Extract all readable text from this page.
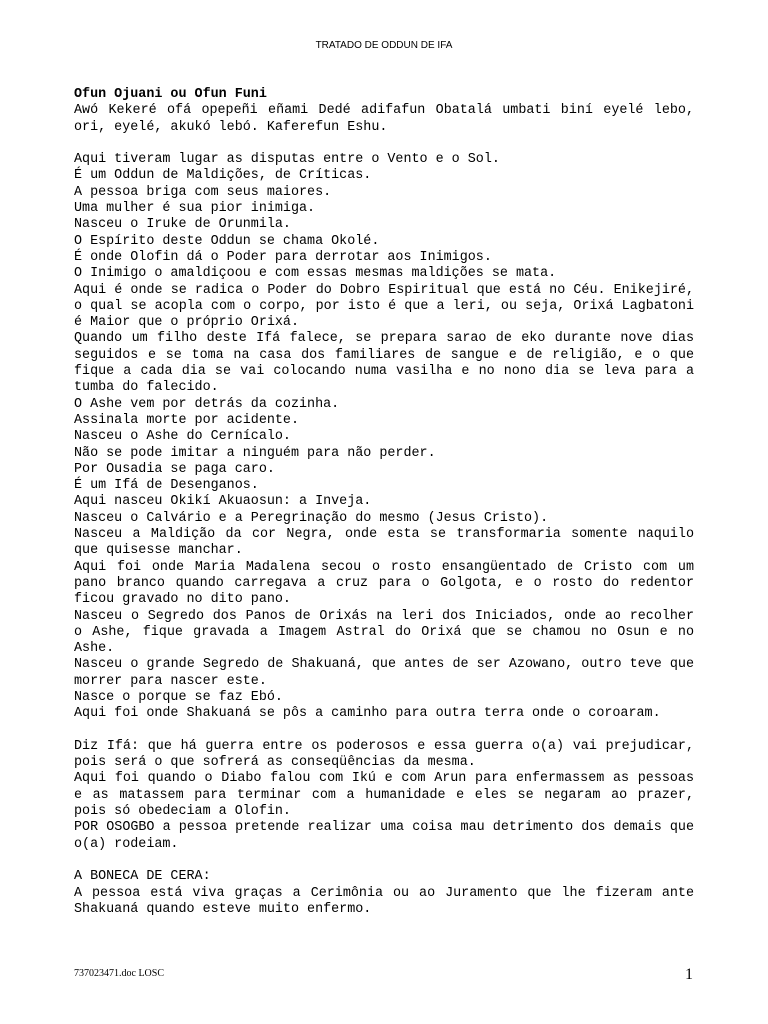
TRATADO DE ODDUN DE IFA

Ofun Ojuani ou Ofun Funi

Awó Kekeré ofá opepeñi eñami Dedé adifafun Obatalá umbati biní eyelé lebo, ori, eyelé, akukó lebó. Kaferefun Eshu.

Aqui tiveram lugar as disputas entre o Vento e o Sol.

É um Oddun de Maldições, de Críticas.

A pessoa briga com seus maiores.

Uma mulher é sua pior inimiga.

Nasceu o Iruke de Orunmila.

O Espírito deste Oddun se chama Okolé.

É onde Olofin dá o Poder para derrotar aos Inimigos.

O Inimigo o amaldiçoou e com essas mesmas maldições se mata.

Aqui é onde se radica o Poder do Dobro Espiritual que está no Céu. Enikejiré, o qual se acopla com o corpo, por isto é que a leri, ou seja, Orixá Lagbatoni é Maior que o próprio Orixá.

Quando um filho deste Ifá falece, se prepara sarao de eko durante nove dias seguidos e se toma na casa dos familiares de sangue e de religião, e o que fique a cada dia se vai colocando numa vasilha e no nono dia se leva para a tumba do falecido.

O Ashe vem por detrás da cozinha.

Assinala morte por acidente.

Nasceu o Ashe do Cernícalo.

Não se pode imitar a ninguém para não perder.

Por Ousadia se paga caro.

É um Ifá de Desenganos.

Aqui nasceu Okikí Akuaosun: a Inveja.

Nasceu o Calvário e a Peregrinação do mesmo (Jesus Cristo).

Nasceu a Maldição da cor Negra, onde esta se transformaria somente naquilo que quisesse manchar.

Aqui foi onde Maria Madalena secou o rosto ensangüentado de Cristo com um pano branco quando carregava a cruz para o Golgota, e o rosto do redentor ficou gravado no dito pano.

Nasceu o Segredo dos Panos de Orixás na leri dos Iniciados, onde ao recolher o Ashe, fique gravada a Imagem Astral do Orixá que se chamou no Osun e no Ashe.

Nasceu o grande Segredo de Shakuaná, que antes de ser Azowano, outro teve que morrer para nascer este.

Nasce o porque se faz Ebó.

Aqui foi onde Shakuaná se pôs a caminho para outra terra onde o coroaram.

Diz Ifá: que há guerra entre os poderosos e essa guerra o(a) vai prejudicar, pois será o que sofrerá as conseqüências da mesma.

Aqui foi quando o Diabo falou com Ikú e com Arun para enfermassem as pessoas e as matassem para terminar com a humanidade e eles se negaram ao prazer, pois só obedeciam a Olofin.

POR OSOGBO a pessoa pretende realizar uma coisa mau detrimento dos demais que o(a) rodeiam.

A BONECA DE CERA:

A pessoa está viva graças a Cerimônia ou ao Juramento que lhe fizeram ante Shakuaná quando esteve muito enfermo.

737023471.doc LOSC	1
